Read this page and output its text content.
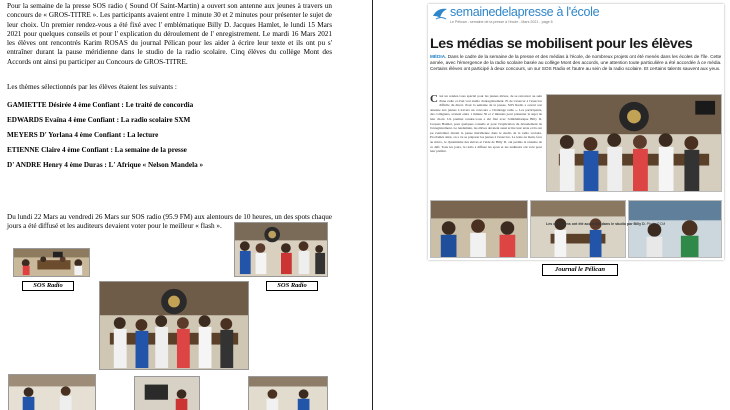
Pour la semaine de la presse SOS radio ( Sound Of Saint-Martin) a ouvert son antenne aux jeunes à travers un concours de « GROS-TITRE ». Les participants avaient entre 1 minute 30 et 2 minutes pour présenter le sujet de leur choix. Un premier rendez-vous a été fixé avec l' emblématique Billy D. Jacques Hamlet, le lundi 15 Mars 2021 pour quelques conseils et pour l' explication du déroulement de l' enregistrement. Le mardi 16 Mars 2021 les élèves ont rencontrés Karim ROSAS du journal Pélican pour les aider à écrire leur texte et ils ont pu s' entraîner durant la pause méridienne dans le studio de la radio scolaire. Cinq élèves du collège Mont des Accords ont ainsi pu participer au Concours de GROS-TITRE.

Les thèmes sélectionnés par les élèves étaient les suivants :

GAMIETTE Désirée 4 ème Confiant : Le traité de concordia
EDWARDS Evaïna 4 ème Confiant : La radio scolaire SXM
MEYERS D' Yorlana 4 ème Confiant : La lecture
ETIENNE Claire 4 ème Confiant : La semaine de la presse
D' ANDRE Henry 4 ème Duras : L' Afrique « Nelson Mandela »

Du lundi 22 Mars au vendredi 26 Mars sur SOS radio (95.9 FM) aux alentours de 10 heures, un des spots chaque jours a été diffusé et les auditeurs devaient voter pour le meilleur « flash ».

SOS Radio	SOS Radio
semainedelapresse à l'école
Le Pélican - semaine de la presse à l'école - Mars 2021 - page 6
Les médias se mobilisent pour les élèves

MÉDIA. Dans le cadre de la semaine de la presse et des médias à l'école, de nombreux projets ont été menés dans les écoles de l'île. Cette année, avec l'émergence de la radio scolaire basée au collège Mont des accords, une attention toute particulière a été accordée à ce média. Certains élèves ont participé à deux concours, un sur SOS Radio et l'autre au sein de la radio scolaire. Et certains talents sauvent aux yeux.

C 'est un rendez-vous spécial pour les jeunes élèves, de se retrouver au sein d'une radio et d'un vrai studio d'enregistrement. Et de s'exercer à l'exercice difficile du direct. Pour la semaine de la presse, SOS Radio a ouvert son antenne aux jeunes à travers un concours « Challenge radio ». Les participants, des collégiens, avaient entre 1 minute 30 et 2 minutes pour présenter le sujet de leur choix. Un premier rendez-vous a été fixé avec l'emblématique Billy D. Jacques Hamlet, pour quelques conseils et pour l'explication du déroulement de l'enregistrement. Le lendemain, les élèves devaient aussi écrire leur texte et ils ont pu s'entraîner durant la pause méridienne dans le studio de la radio scolaire. Proclamés ainsi, on a vu se préparer les jeunes à l'exercice. Le texte en main, face au micro, le dynamisme des élèves et l'aide de Billy D. ont permis la réussite de ce défi. Tous les jours, la radio a diffusé les spots et les auditeurs ont voté pour leur préféré.
Les collégiens ont été accueillis dans le studio par Billy D. Photo ©CM
Journal le Pélican
